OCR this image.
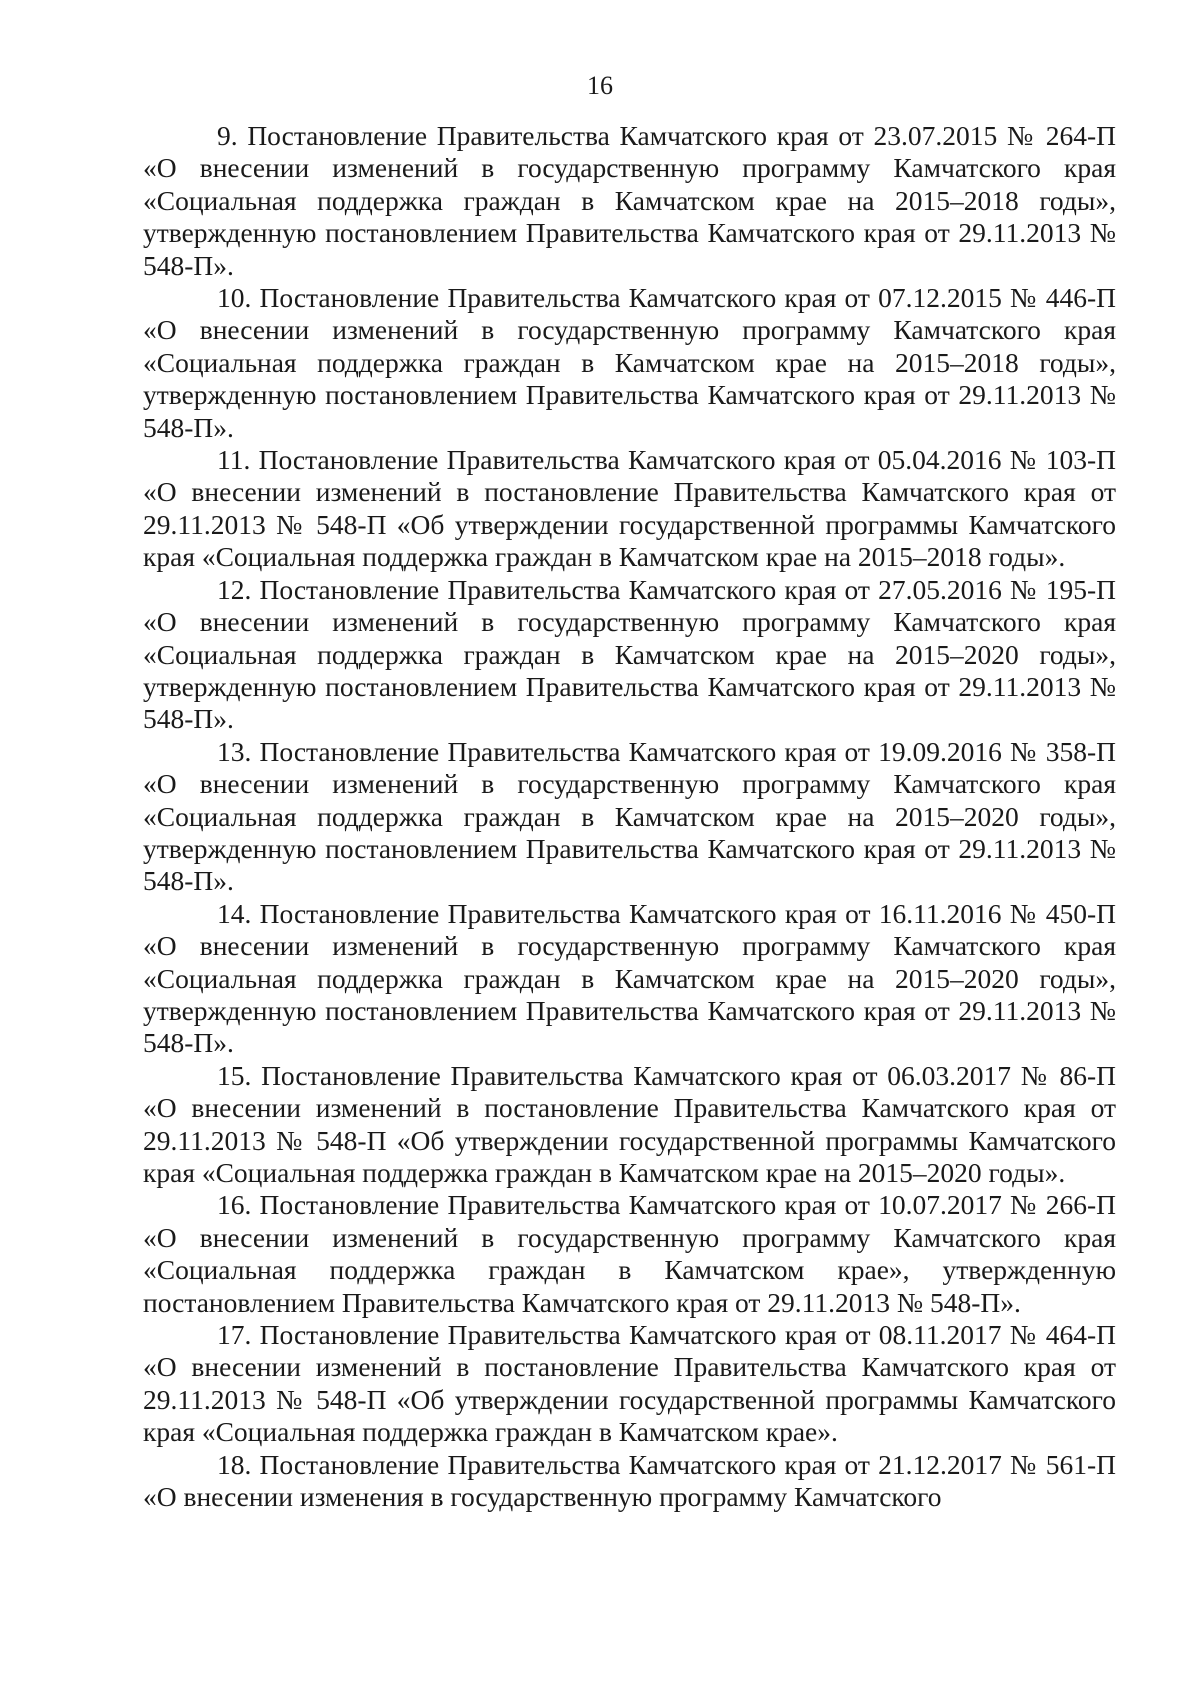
16

9. Постановление Правительства Камчатского края от 23.07.2015 № 264-П «О внесении изменений в государственную программу Камчатского края «Социальная поддержка граждан в Камчатском крае на 2015–2018 годы», утвержденную постановлением Правительства Камчатского края от 29.11.2013 № 548-П».

10. Постановление Правительства Камчатского края от 07.12.2015 № 446-П «О внесении изменений в государственную программу Камчатского края «Социальная поддержка граждан в Камчатском крае на 2015–2018 годы», утвержденную постановлением Правительства Камчатского края от 29.11.2013 № 548-П».

11. Постановление Правительства Камчатского края от 05.04.2016 № 103-П «О внесении изменений в постановление Правительства Камчатского края от 29.11.2013 № 548-П «Об утверждении государственной программы Камчатского края «Социальная поддержка граждан в Камчатском крае на 2015–2018 годы».

12. Постановление Правительства Камчатского края от 27.05.2016 № 195-П «О внесении изменений в государственную программу Камчатского края «Социальная поддержка граждан в Камчатском крае на 2015–2020 годы», утвержденную постановлением Правительства Камчатского края от 29.11.2013 № 548-П».

13. Постановление Правительства Камчатского края от 19.09.2016 № 358-П «О внесении изменений в государственную программу Камчатского края «Социальная поддержка граждан в Камчатском крае на 2015–2020 годы», утвержденную постановлением Правительства Камчатского края от 29.11.2013 № 548-П».

14. Постановление Правительства Камчатского края от 16.11.2016 № 450-П «О внесении изменений в государственную программу Камчатского края «Социальная поддержка граждан в Камчатском крае на 2015–2020 годы», утвержденную постановлением Правительства Камчатского края от 29.11.2013 № 548-П».

15. Постановление Правительства Камчатского края от 06.03.2017 № 86-П «О внесении изменений в постановление Правительства Камчатского края от 29.11.2013 № 548-П «Об утверждении государственной программы Камчатского края «Социальная поддержка граждан в Камчатском крае на 2015–2020 годы».

16. Постановление Правительства Камчатского края от 10.07.2017 № 266-П «О внесении изменений в государственную программу Камчатского края «Социальная поддержка граждан в Камчатском крае», утвержденную постановлением Правительства Камчатского края от 29.11.2013 № 548-П».

17. Постановление Правительства Камчатского края от 08.11.2017 № 464-П «О внесении изменений в постановление Правительства Камчатского края от 29.11.2013 № 548-П «Об утверждении государственной программы Камчатского края «Социальная поддержка граждан в Камчатском крае».

18. Постановление Правительства Камчатского края от 21.12.2017 № 561-П «О внесении изменения в государственную программу Камчатского
